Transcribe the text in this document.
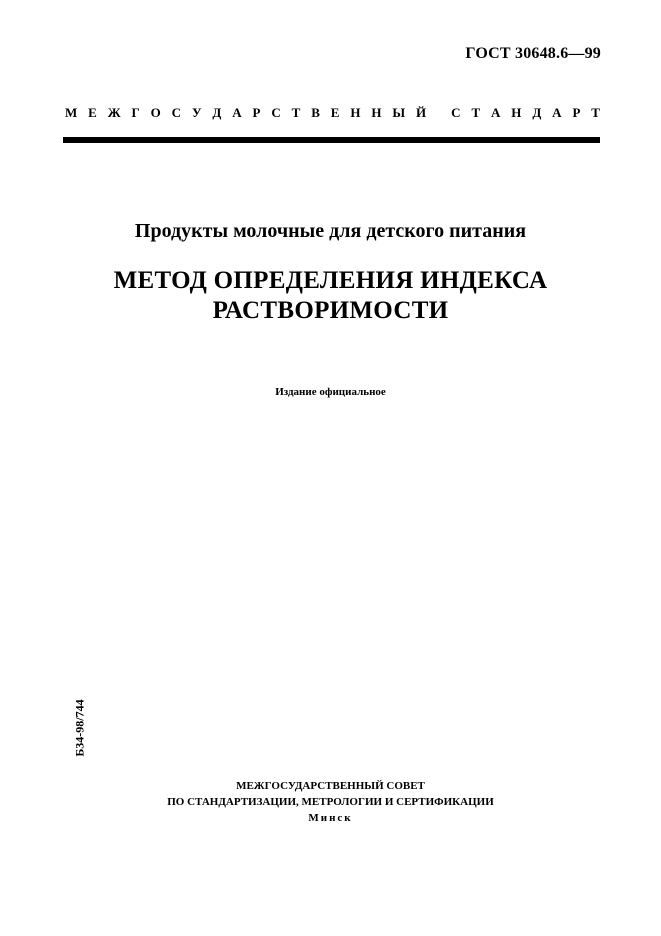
ГОСТ 30648.6—99
М Е Ж Г О С У Д А Р С Т В Е Н Н Ы Й
С Т А Н Д А Р Т
Продукты молочные для детского питания
МЕТОД ОПРЕДЕЛЕНИЯ ИНДЕКСА
РАСТВОРИМОСТИ
Издание официальное
Б34-98/744
МЕЖГОСУДАРСТВЕННЫЙ СОВЕТ
ПО СТАНДАРТИЗАЦИИ, МЕТРОЛОГИИ И СЕРТИФИКАЦИИ
Минск
